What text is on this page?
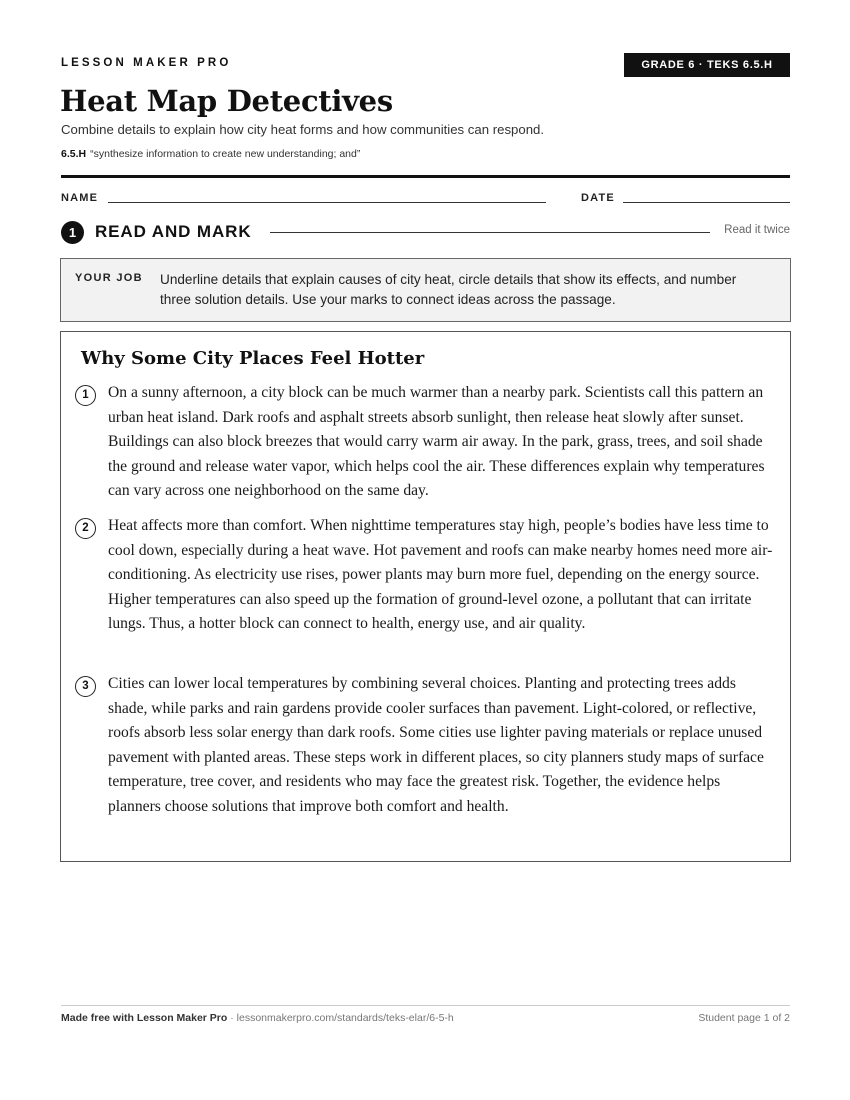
LESSON MAKER PRO	GRADE 6 · TEKS 6.5.H
Heat Map Detectives
Combine details to explain how city heat forms and how communities can respond.
6.5.H “synthesize information to create new understanding; and”
NAME	DATE
1	READ AND MARK	Read it twice
YOUR JOB Underline details that explain causes of city heat, circle details that show its effects, and number three solution details. Use your marks to connect ideas across the passage.
Why Some City Places Feel Hotter
1	On a sunny afternoon, a city block can be much warmer than a nearby park. Scientists call this pattern an urban heat island. Dark roofs and asphalt streets absorb sunlight, then release heat slowly after sunset. Buildings can also block breezes that would carry warm air away. In the park, grass, trees, and soil shade the ground and release water vapor, which helps cool the air. These differences explain why temperatures can vary across one neighborhood on the same day.

2	Heat affects more than comfort. When nighttime temperatures stay high, people’s bodies have less time to cool down, especially during a heat wave. Hot pavement and roofs can make nearby homes need more air-conditioning. As electricity use rises, power plants may burn more fuel, depending on the energy source. Higher temperatures can also speed up the formation of ground-level ozone, a pollutant that can irritate lungs. Thus, a hotter block can connect to health, energy use, and air quality.

3	Cities can lower local temperatures by combining several choices. Planting and protecting trees adds shade, while parks and rain gardens provide cooler surfaces than pavement. Light-colored, or reflective, roofs absorb less solar energy than dark roofs. Some cities use lighter paving materials or replace unused pavement with planted areas. These steps work in different places, so city planners study maps of surface temperature, tree cover, and residents who may face the greatest risk. Together, the evidence helps planners choose solutions that improve both comfort and health.

Made free with Lesson Maker Pro · lessonmakerpro.com/standards/teks-elar/6-5-h	Student page 1 of 2
